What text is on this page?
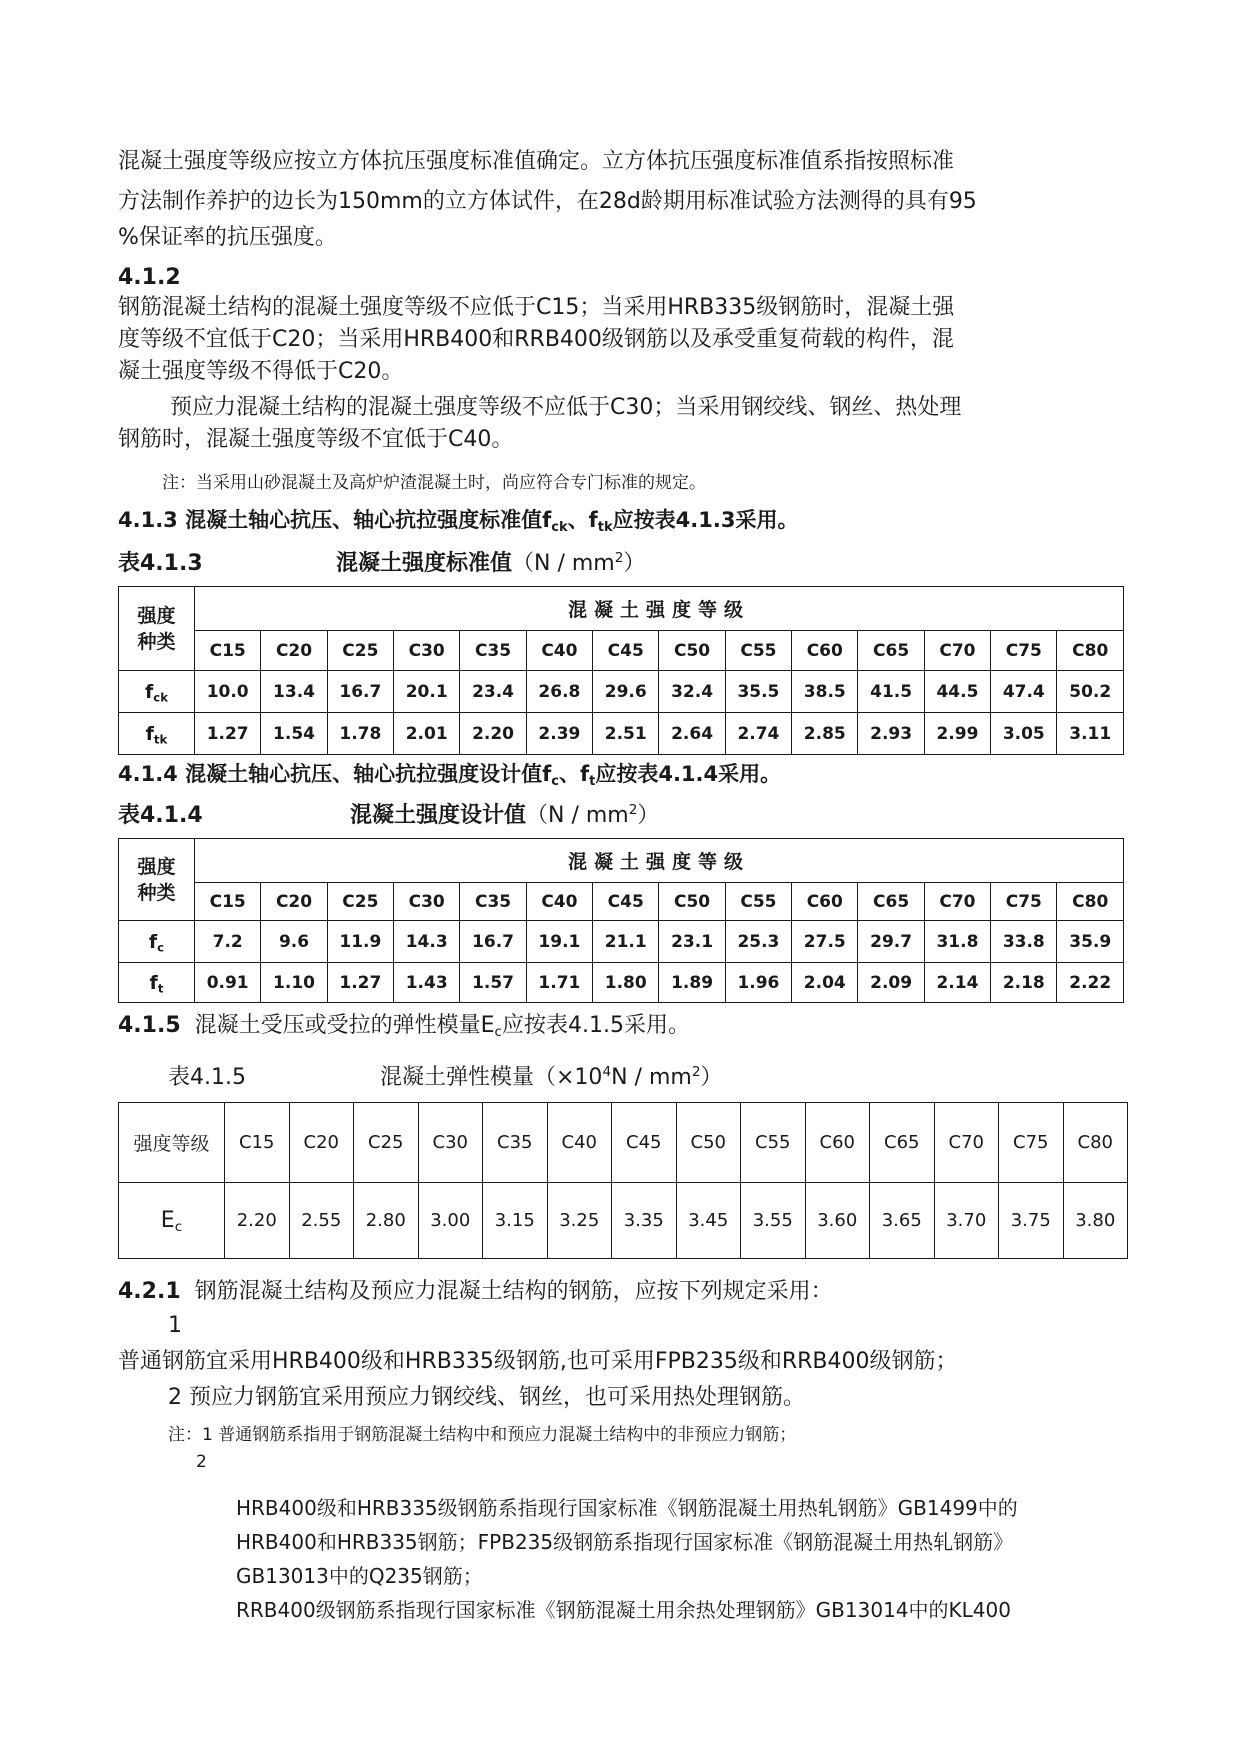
混凝土强度等级应按立方体抗压强度标准值确定。立方体抗压强度标准值系指按照标准
方法制作养护的边长为150mm的立方体试件，在28d龄期用标准试验方法测得的具有95
%保证率的抗压强度。
4.1.2
钢筋混凝土结构的混凝土强度等级不应低于C15；当采用HRB335级钢筋时，混凝土强
度等级不宜低于C20；当采用HRB400和RRB400级钢筋以及承受重复荷载的构件，混
凝土强度等级不得低于C20。
预应力混凝土结构的混凝土强度等级不应低于C30；当采用钢绞线、钢丝、热处理
钢筋时，混凝土强度等级不宜低于C40。
注：当采用山砂混凝土及高炉炉渣混凝土时，尚应符合专门标准的规定。
4.1.3 混凝土轴心抗压、轴心抗拉强度标准值$f_{ck}$、$f_{tk}$应按表4.1.3采用。
表4.1.3	混凝土强度标准值$(N / mm^2)$
强度
种类	混凝土强度等级													
	C15	C20	C25	C30	C35	C40	C45	C50	C55	C60	C65	C70	C75	C80
$f_{ck}$	10.0	13.4	16.7	20.1	23.4	26.8	29.6	32.4	35.5	38.5	41.5	44.5	47.4	50.2
$f_{tk}$	1.27	1.54	1.78	2.01	2.20	2.39	2.51	2.64	2.74	2.85	2.93	2.99	3.05	3.11
4.1.4 混凝土轴心抗压、轴心抗拉强度设计值$f_c$、$f_t$应按表4.1.4采用。
表4.1.4	混凝土强度设计值$(N / mm^2)$
强度
种类	混凝土强度等级													
	C15	C20	C25	C30	C35	C40	C45	C50	C55	C60	C65	C70	C75	C80
$f_c$	7.2	9.6	11.9	14.3	16.7	19.1	21.1	23.1	25.3	27.5	29.7	31.8	33.8	35.9
$f_t$	0.91	1.10	1.27	1.43	1.57	1.71	1.80	1.89	1.96	2.04	2.09	2.14	2.18	2.22
4.1.5 混凝土受压或受拉的弹性模量$E_c$应按表4.1.5采用。
表4.1.5	混凝土弹性模量$(\times 10^4N / mm^2)$
强度等级	C15	C20	C25	C30	C35	C40	C45	C50	C55	C60	C65	C70	C75	C80
$E_c$	2.20	2.55	2.80	3.00	3.15	3.25	3.35	3.45	3.55	3.60	3.65	3.70	3.75	3.80
4.2.1 钢筋混凝土结构及预应力混凝土结构的钢筋，应按下列规定采用：
1
普通钢筋宜采用HRB400级和HRB335级钢筋,也可采用FPB235级和RRB400级钢筋；
2 预应力钢筋宜采用预应力钢绞线、钢丝，也可采用热处理钢筋。
注：1 普通钢筋系指用于钢筋混凝土结构中和预应力混凝土结构中的非预应力钢筋；
2
HRB400级和HRB335级钢筋系指现行国家标准《钢筋混凝土用热轧钢筋》GB1499中的
HRB400和HRB335钢筋；FPB235级钢筋系指现行国家标准《钢筋混凝土用热轧钢筋》
GB13013中的Q235钢筋；
RRB400级钢筋系指现行国家标准《钢筋混凝土用余热处理钢筋》GB13014中的KL400
